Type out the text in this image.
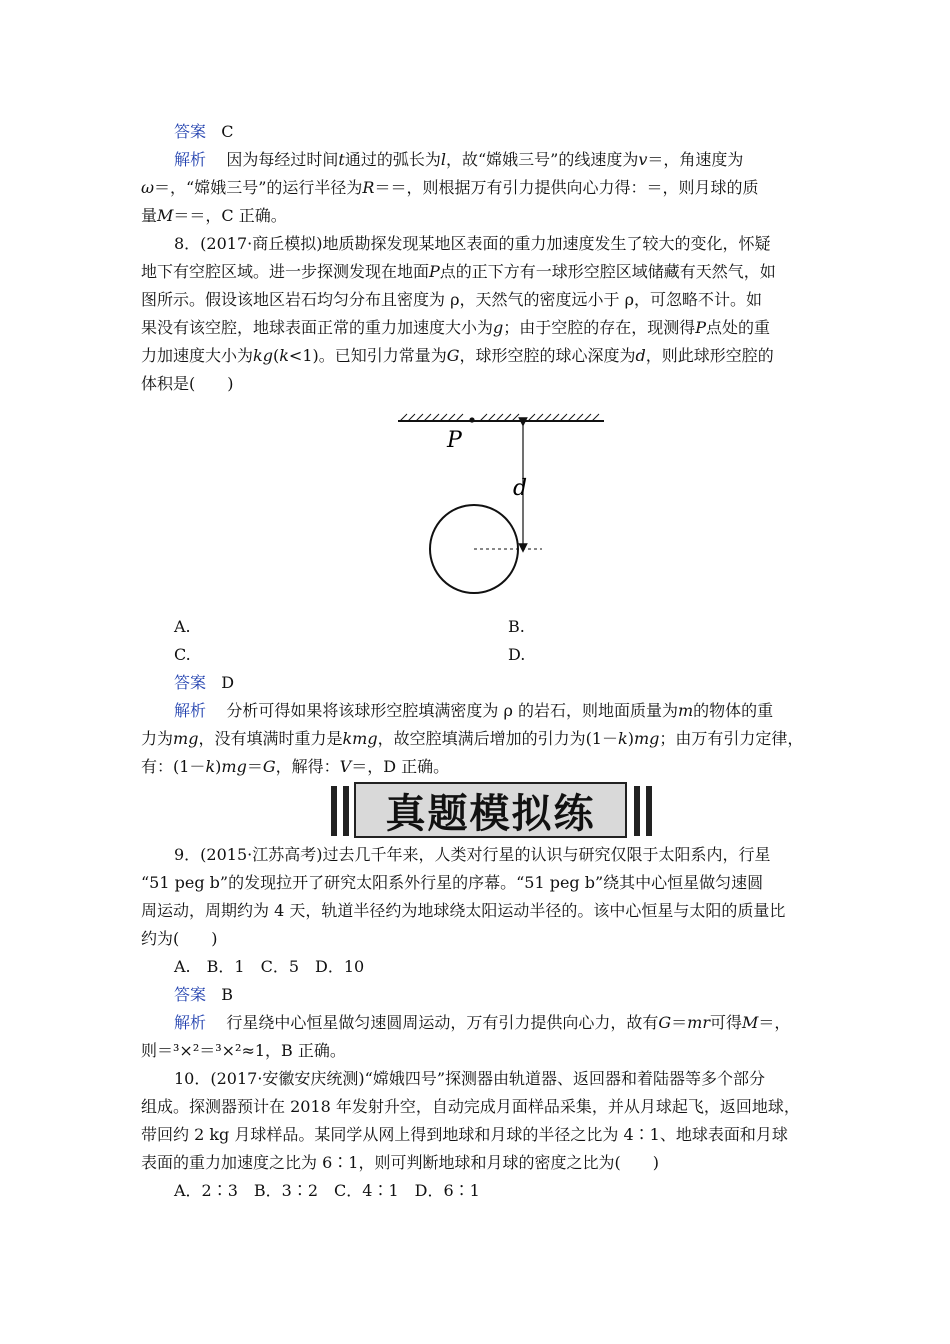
答案 C
解析 因为每经过时间t通过的弧长为l，故“嫦娥三号”的线速度为v＝，角速度为
ω＝，“嫦娥三号”的运行半径为R＝＝，则根据万有引力提供向心力得：＝，则月球的质
量M＝＝，C 正确。
8．(2017·商丘模拟)地质勘探发现某地区表面的重力加速度发生了较大的变化，怀疑
地下有空腔区域。进一步探测发现在地面P点的正下方有一球形空腔区域储藏有天然气，如
图所示。假设该地区岩石均匀分布且密度为 ρ，天然气的密度远小于 ρ，可忽略不计。如
果没有该空腔，地球表面正常的重力加速度大小为g；由于空腔的存在，现测得P点处的重
力加速度大小为kg(k<1)。已知引力常量为G，球形空腔的球心深度为d，则此球形空腔的
体积是(　　)
P
d
A.	B.
C.	D.
答案 D
解析 分析可得如果将该球形空腔填满密度为 ρ 的岩石，则地面质量为m的物体的重
力为mg，没有填满时重力是kmg，故空腔填满后增加的引力为(1－k)mg；由万有引力定律，
有：(1－k)mg＝G，解得：V＝，D 正确。
真题模拟练
9．(2015·江苏高考)过去几千年来，人类对行星的认识与研究仅限于太阳系内，行星
“51 peg b”的发现拉开了研究太阳系外行星的序幕。“51 peg b”绕其中心恒星做匀速圆
周运动，周期约为 4 天，轨道半径约为地球绕太阳运动半径的。该中心恒星与太阳的质量比
约为(　　)
A.　B．1　C．5　D．10
答案 B
解析 行星绕中心恒星做匀速圆周运动，万有引力提供向心力，故有G＝mr可得M＝，
则＝³×²＝³×²≈1，B 正确。
10．(2017·安徽安庆统测)“嫦娥四号”探测器由轨道器、返回器和着陆器等多个部分
组成。探测器预计在 2018 年发射升空，自动完成月面样品采集，并从月球起飞，返回地球，
带回约 2 kg 月球样品。某同学从网上得到地球和月球的半径之比为 4∶1、地球表面和月球
表面的重力加速度之比为 6∶1，则可判断地球和月球的密度之比为(　　)
A．2∶3　B．3∶2　C．4∶1　D．6∶1
